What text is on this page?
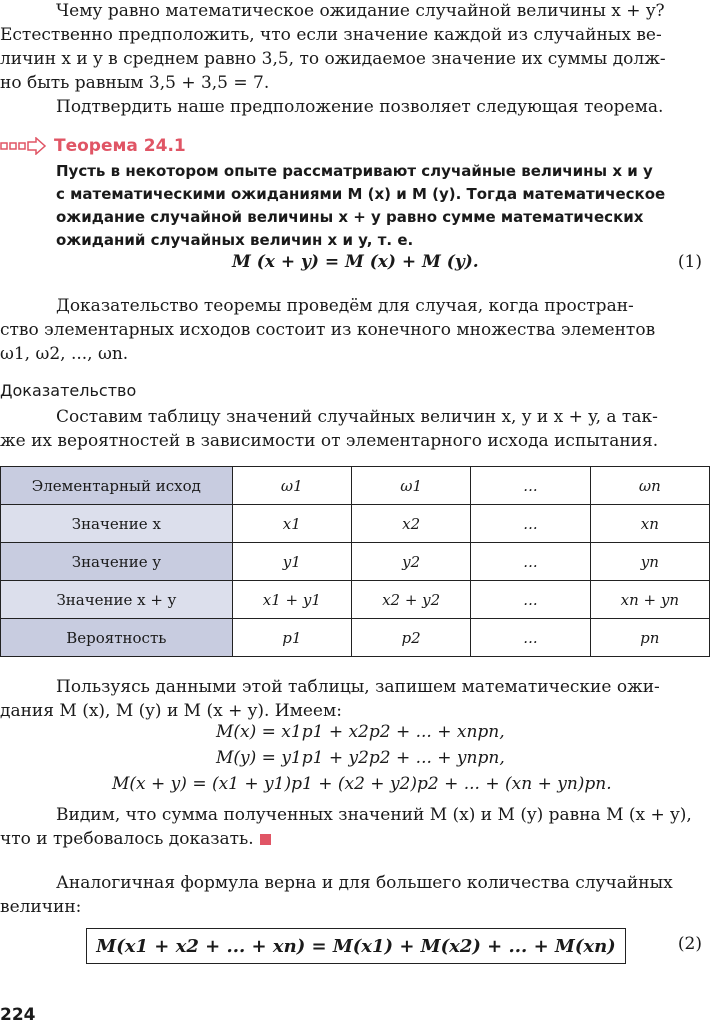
Чему равно математическое ожидание случайной величины x + y?
Естественно предположить, что если значение каждой из случайных ве-
личин x и y в среднем равно 3,5, то ожидаемое значение их суммы долж-
но быть равным 3,5 + 3,5 = 7.
Подтвердить наше предположение позволяет следующая теорема.
Теорема 24.1
Пусть в некотором опыте рассматривают случайные величины x и y
с математическими ожиданиями M (x) и M (y). Тогда математическое
ожидание случайной величины x + y равно сумме математических
ожиданий случайных величин x и y, т. е.
M (x + y) = M (x) + M (y).	(1)
Доказательство теоремы проведём для случая, когда простран-
ство элементарных исходов состоит из конечного множества элементов
ω1, ω2, ..., ωn.
Доказательство
Составим таблицу значений случайных величин x, y и x + y, а так-
же их вероятностей в зависимости от элементарного исхода испытания.
Элементарный исход	ω1	ω1	...	ωn
Значение x	x1	x2	...	xn
Значение y	y1	y2	...	yn
Значение x + y	x1 + y1	x2 + y2	...	xn + yn
Вероятность	p1	p2	...	pn
Пользуясь данными этой таблицы, запишем математические ожи-
дания M (x), M (y) и M (x + y). Имеем:
M(x) = x1p1 + x2p2 + ... + xnpn,
M(y) = y1p1 + y2p2 + ... + ynpn,
M(x + y) = (x1 + y1)p1 + (x2 + y2)p2 + ... + (xn + yn)pn.
Видим, что сумма полученных значений M (x) и M (y) равна M (x + y),
что и требовалось доказать.
Аналогичная формула верна и для большего количества случайных
величин:
M(x1 + x2 + ... + xn) = M(x1) + M(x2) + ... + M(xn)	(2)
224
